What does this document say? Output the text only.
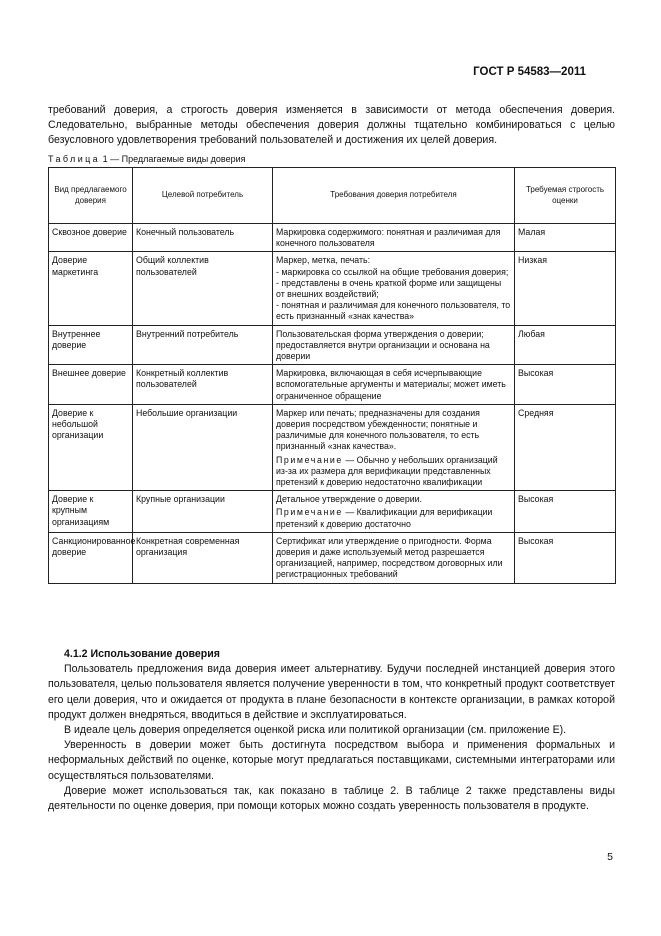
ГОСТ Р 54583—2011

требований доверия, а строгость доверия изменяется в зависимости от метода обеспечения доверия. Следовательно, выбранные методы обеспечения доверия должны тщательно комбинироваться с целью безусловного удовлетворения требований пользователей и достижения их целей доверия.

Таблица 1 — Предлагаемые виды доверия
Вид предлагаемого доверия	Целевой потребитель	Требования доверия потребителя	Требуемая строгость оценки
Сквозное доверие	Конечный пользователь	Маркировка содержимого: понятная и различимая для конечного пользователя	Малая
Доверие маркетинга	Общий коллектив пользователей	Маркер, метка, печать:
- маркировка со ссылкой на общие требования доверия;
- представлены в очень краткой форме или защищены от внешних воздействий;
- понятная и различимая для конечного пользователя, то есть признанный «знак качества»	Низкая
Внутреннее доверие	Внутренний потребитель	Пользовательская форма утверждения о доверии; предоставляется внутри организации и основана на доверии	Любая
Внешнее доверие	Конкретный коллектив пользователей	Маркировка, включающая в себя исчерпывающие вспомогательные аргументы и материалы; может иметь ограниченное обращение	Высокая
Доверие к небольшой организации	Небольшие организации	Маркер или печать; предназначены для создания доверия посредством убежденности; понятные и различимые для конечного пользователя, то есть признанный «знак качества».
Примечание — Обычно у небольших организаций из-за их размера для верификации представленных претензий к доверию недостаточно квалификации	Средняя
Доверие к крупным организациям	Крупные организации	Детальное утверждение о доверии.
Примечание — Квалификации для верификации претензий к доверию достаточно	Высокая
Санкционированное доверие	Конкретная современная организация	Сертификат или утверждение о пригодности. Форма доверия и даже используемый метод разрешается организацией, например, посредством договорных или регистрационных требований	Высокая
4.1.2 Использование доверия

Пользователь предложения вида доверия имеет альтернативу. Будучи последней инстанцией доверия этого пользователя, целью пользователя является получение уверенности в том, что конкретный продукт соответствует его цели доверия, что и ожидается от продукта в плане безопасности в контексте организации, в рамках которой продукт должен внедряться, вводиться в действие и эксплуатироваться.

В идеале цель доверия определяется оценкой риска или политикой организации (см. приложение Е).

Уверенность в доверии может быть достигнута посредством выбора и применения формальных и неформальных действий по оценке, которые могут предлагаться поставщиками, системными интеграторами или осуществляться пользователями.

Доверие может использоваться так, как показано в таблице 2. В таблице 2 также представлены виды деятельности по оценке доверия, при помощи которых можно создать уверенность пользователя в продукте.

5
